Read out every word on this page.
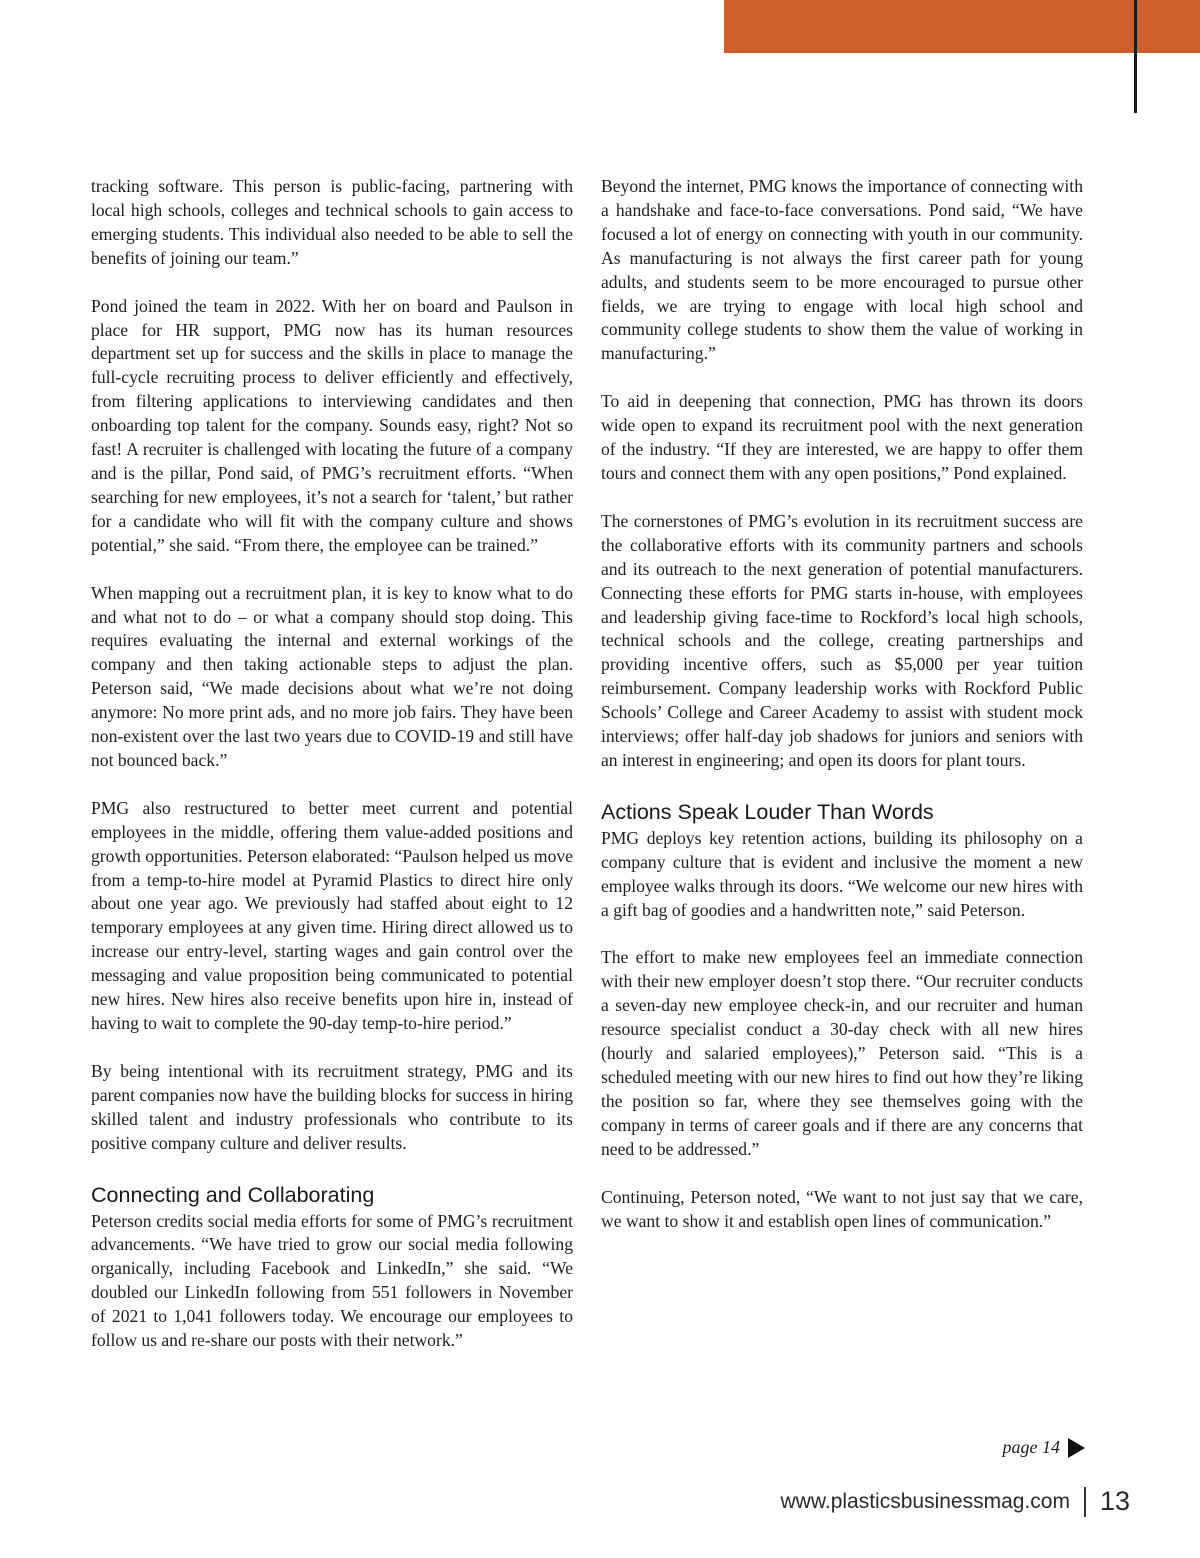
tracking software. This person is public-facing, partnering with local high schools, colleges and technical schools to gain access to emerging students. This individual also needed to be able to sell the benefits of joining our team.”

Pond joined the team in 2022. With her on board and Paulson in place for HR support, PMG now has its human resources department set up for success and the skills in place to manage the full-cycle recruiting process to deliver efficiently and effectively, from filtering applications to interviewing candidates and then onboarding top talent for the company. Sounds easy, right? Not so fast! A recruiter is challenged with locating the future of a company and is the pillar, Pond said, of PMG’s recruitment efforts. “When searching for new employees, it’s not a search for ‘talent,’ but rather for a candidate who will fit with the company culture and shows potential,” she said. “From there, the employee can be trained.”

When mapping out a recruitment plan, it is key to know what to do and what not to do – or what a company should stop doing. This requires evaluating the internal and external workings of the company and then taking actionable steps to adjust the plan. Peterson said, “We made decisions about what we’re not doing anymore: No more print ads, and no more job fairs. They have been non-existent over the last two years due to COVID-19 and still have not bounced back.”

PMG also restructured to better meet current and potential employees in the middle, offering them value-added positions and growth opportunities. Peterson elaborated: “Paulson helped us move from a temp-to-hire model at Pyramid Plastics to direct hire only about one year ago. We previously had staffed about eight to 12 temporary employees at any given time. Hiring direct allowed us to increase our entry-level, starting wages and gain control over the messaging and value proposition being communicated to potential new hires. New hires also receive benefits upon hire in, instead of having to wait to complete the 90-day temp-to-hire period.”

By being intentional with its recruitment strategy, PMG and its parent companies now have the building blocks for success in hiring skilled talent and industry professionals who contribute to its positive company culture and deliver results.

Connecting and Collaborating

Peterson credits social media efforts for some of PMG’s recruitment advancements. “We have tried to grow our social media following organically, including Facebook and LinkedIn,” she said. “We doubled our LinkedIn following from 551 followers in November of 2021 to 1,041 followers today. We encourage our employees to follow us and re-share our posts with their network.”

Beyond the internet, PMG knows the importance of connecting with a handshake and face-to-face conversations. Pond said, “We have focused a lot of energy on connecting with youth in our community. As manufacturing is not always the first career path for young adults, and students seem to be more encouraged to pursue other fields, we are trying to engage with local high school and community college students to show them the value of working in manufacturing.”

To aid in deepening that connection, PMG has thrown its doors wide open to expand its recruitment pool with the next generation of the industry. “If they are interested, we are happy to offer them tours and connect them with any open positions,” Pond explained.

The cornerstones of PMG’s evolution in its recruitment success are the collaborative efforts with its community partners and schools and its outreach to the next generation of potential manufacturers. Connecting these efforts for PMG starts in-house, with employees and leadership giving face-time to Rockford’s local high schools, technical schools and the college, creating partnerships and providing incentive offers, such as $5,000 per year tuition reimbursement. Company leadership works with Rockford Public Schools’ College and Career Academy to assist with student mock interviews; offer half-day job shadows for juniors and seniors with an interest in engineering; and open its doors for plant tours.

Actions Speak Louder Than Words

PMG deploys key retention actions, building its philosophy on a company culture that is evident and inclusive the moment a new employee walks through its doors. “We welcome our new hires with a gift bag of goodies and a handwritten note,” said Peterson.

The effort to make new employees feel an immediate connection with their new employer doesn’t stop there. “Our recruiter conducts a seven-day new employee check-in, and our recruiter and human resource specialist conduct a 30-day check with all new hires (hourly and salaried employees),” Peterson said. “This is a scheduled meeting with our new hires to find out how they’re liking the position so far, where they see themselves going with the company in terms of career goals and if there are any concerns that need to be addressed.”

Continuing, Peterson noted, “We want to not just say that we care, we want to show it and establish open lines of communication.”

page 14
www.plasticsbusinessmag.com 13
